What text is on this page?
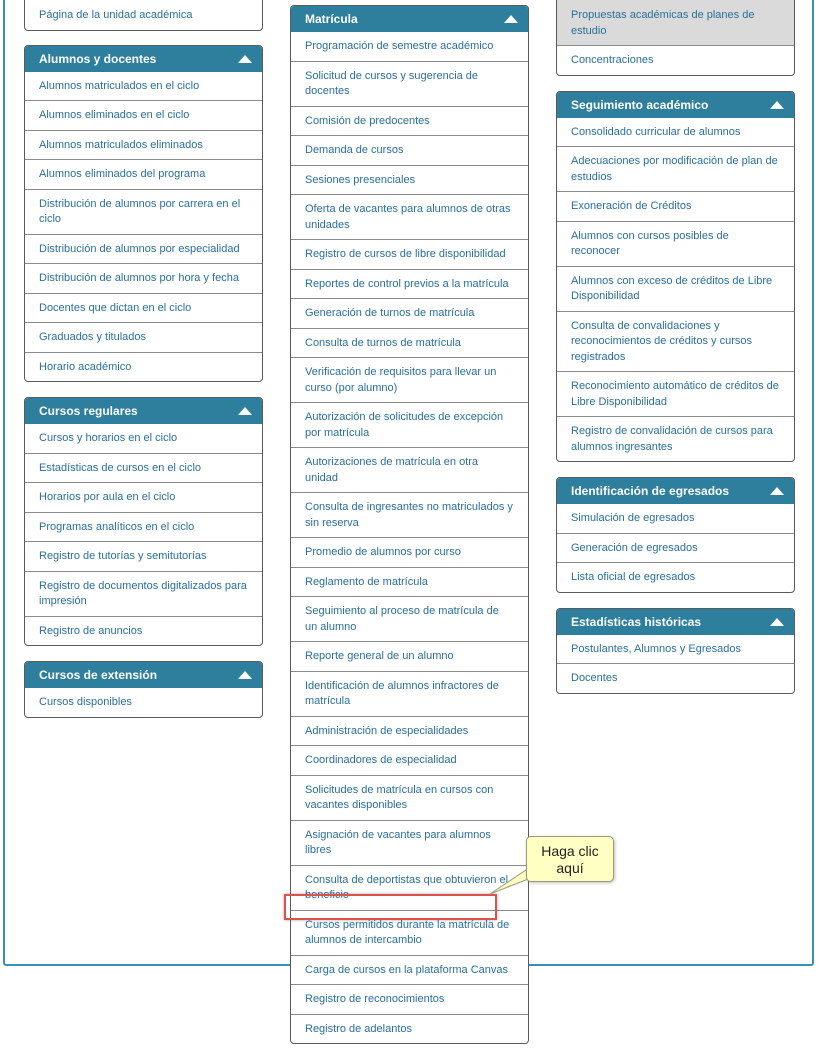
Página de la unidad académica
Alumnos y docentes
Alumnos matriculados en el ciclo
Alumnos eliminados en el ciclo
Alumnos matriculados eliminados
Alumnos eliminados del programa
Distribución de alumnos por carrera en el ciclo
Distribución de alumnos por especialidad
Distribución de alumnos por hora y fecha
Docentes que dictan en el ciclo
Graduados y titulados
Horario académico
Cursos regulares
Cursos y horarios en el ciclo
Estadísticas de cursos en el ciclo
Horarios por aula en el ciclo
Programas analíticos en el ciclo
Registro de tutorías y semitutorías
Registro de documentos digitalizados para impresión
Registro de anuncios
Cursos de extensión
Cursos disponibles
Matrícula
Programación de semestre académico
Solicitud de cursos y sugerencia de docentes
Comisión de predocentes
Demanda de cursos
Sesiones presenciales
Oferta de vacantes para alumnos de otras unidades
Registro de cursos de libre disponibilidad
Reportes de control previos a la matrícula
Generación de turnos de matrícula
Consulta de turnos de matrícula
Verificación de requisitos para llevar un curso (por alumno)
Autorización de solicitudes de excepción por matrícula
Autorizaciones de matrícula en otra unidad
Consulta de ingresantes no matriculados y sin reserva
Promedio de alumnos por curso
Reglamento de matrícula
Seguimiento al proceso de matrícula de un alumno
Reporte general de un alumno
Identificación de alumnos infractores de matrícula
Administración de especialidades
Coordinadores de especialidad
Solicitudes de matrícula en cursos con vacantes disponibles
Asignación de vacantes para alumnos libres
Consulta de deportistas que obtuvieron el beneficio
Cursos permitidos durante la matrícula de alumnos de intercambio
Carga de cursos en la plataforma Canvas
Registro de reconocimientos
Registro de adelantos
Propuestas académicas de planes de estudio
Concentraciones
Seguimiento académico
Consolidado curricular de alumnos
Adecuaciones por modificación de plan de estudios
Exoneración de Créditos
Alumnos con cursos posibles de reconocer
Alumnos con exceso de créditos de Libre Disponibilidad
Consulta de convalidaciones y reconocimientos de créditos y cursos registrados
Reconocimiento automático de créditos de Libre Disponibilidad
Registro de convalidación de cursos para alumnos ingresantes
Identificación de egresados
Simulación de egresados
Generación de egresados
Lista oficial de egresados
Estadísticas históricas
Postulantes, Alumnos y Egresados
Docentes
Haga clic
aquí
